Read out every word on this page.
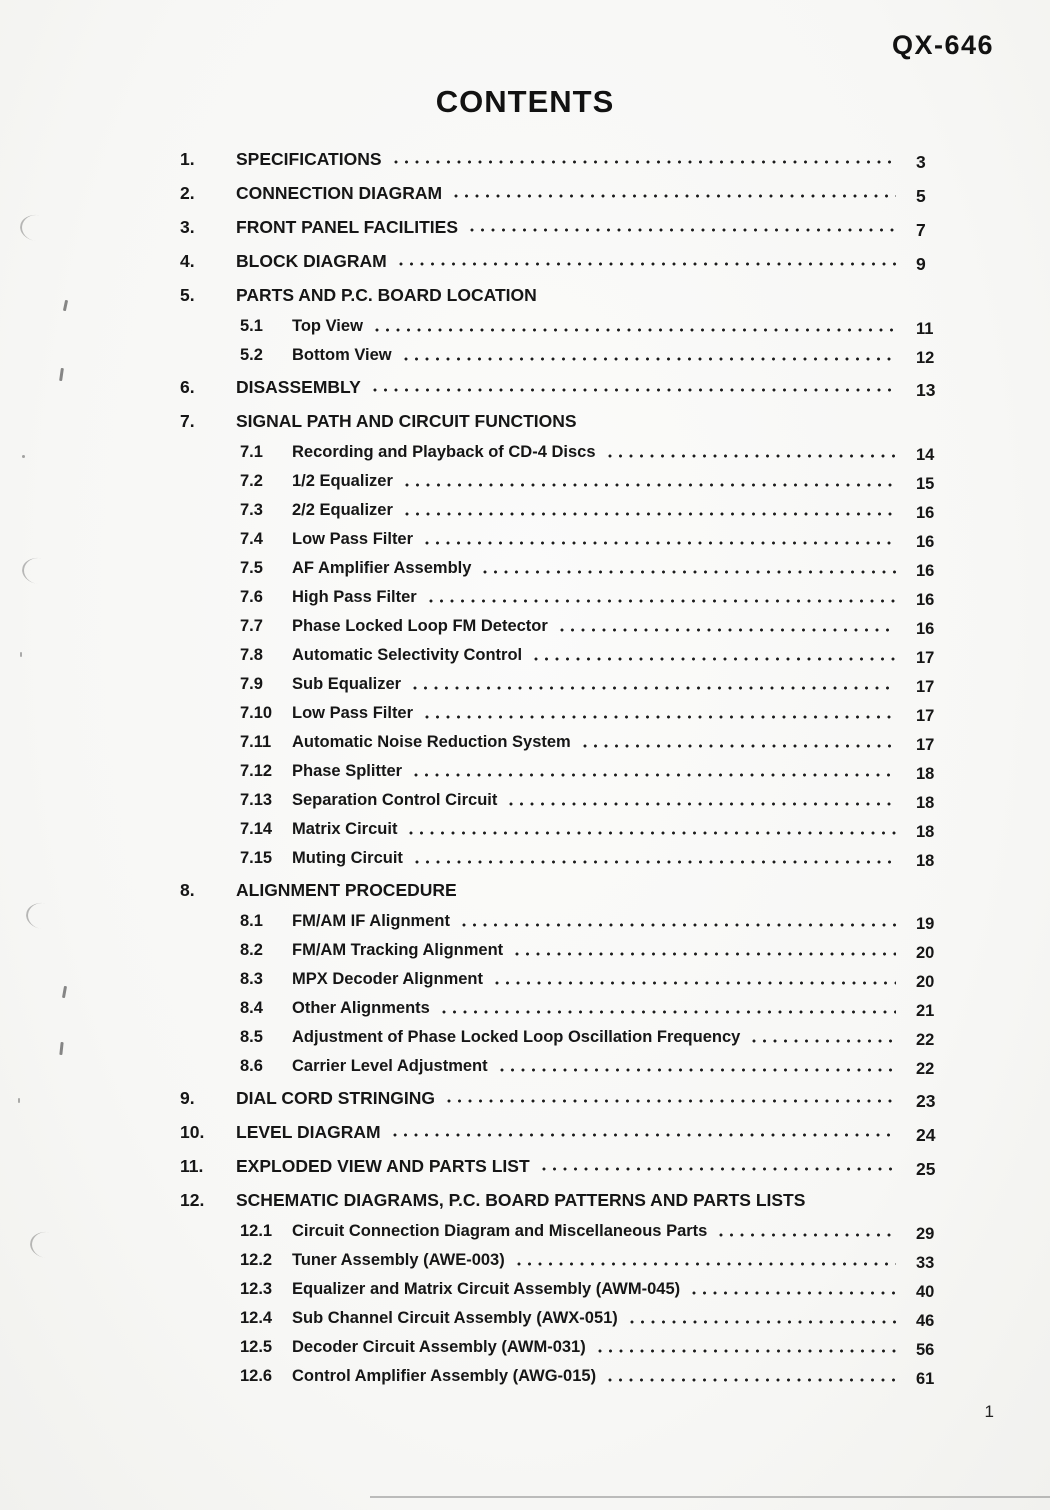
QX-646
CONTENTS
1.	SPECIFICATIONS	3
2.	CONNECTION DIAGRAM	5
3.	FRONT PANEL FACILITIES	7
4.	BLOCK DIAGRAM	9
5.	PARTS AND P.C. BOARD LOCATION
5.1	Top View	11
5.2	Bottom View	12
6.	DISASSEMBLY	13
7.	SIGNAL PATH AND CIRCUIT FUNCTIONS
7.1	Recording and Playback of CD-4 Discs	14
7.2	1/2 Equalizer	15
7.3	2/2 Equalizer	16
7.4	Low Pass Filter	16
7.5	AF Amplifier Assembly	16
7.6	High Pass Filter	16
7.7	Phase Locked Loop FM Detector	16
7.8	Automatic Selectivity Control	17
7.9	Sub Equalizer	17
7.10	Low Pass Filter	17
7.11	Automatic Noise Reduction System	17
7.12	Phase Splitter	18
7.13	Separation Control Circuit	18
7.14	Matrix Circuit	18
7.15	Muting Circuit	18
8.	ALIGNMENT PROCEDURE
8.1	FM/AM IF Alignment	19
8.2	FM/AM Tracking Alignment	20
8.3	MPX Decoder Alignment	20
8.4	Other Alignments	21
8.5	Adjustment of Phase Locked Loop Oscillation Frequency	22
8.6	Carrier Level Adjustment	22
9.	DIAL CORD STRINGING	23
10.	LEVEL DIAGRAM	24
11.	EXPLODED VIEW AND PARTS LIST	25
12.	SCHEMATIC DIAGRAMS, P.C. BOARD PATTERNS AND PARTS LISTS
12.1	Circuit Connection Diagram and Miscellaneous Parts	29
12.2	Tuner Assembly (AWE-003)	33
12.3	Equalizer and Matrix Circuit Assembly (AWM-045)	40
12.4	Sub Channel Circuit Assembly (AWX-051)	46
12.5	Decoder Circuit Assembly (AWM-031)	56
12.6	Control Amplifier Assembly (AWG-015)	61
1
